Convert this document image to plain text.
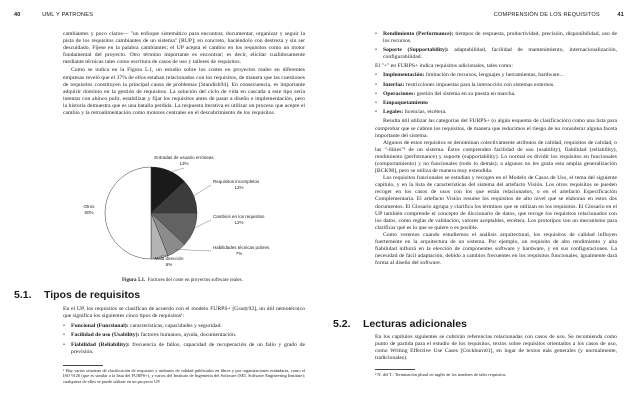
40	UML Y PATRONES

cambiantes y poco claros— "un enfoque sistemático para encontrar, documentar, organizar y seguir la pista de los requisitos cambiantes de un sistema" [RUP]; en concreto, haciéndolo con destreza y sin ser descuidado. Fíjese en la palabra cambiantes; el UP acepta el cambio en los requisitos como un motor fundamental del proyecto. Otro término importante es encontrar; es decir, elicitar cualidosamente mediante técnicas tales como escritura de casos de uso y talleres de requisitos.

Como se indica en la Figura 5.1, un estudio sobre los costes en proyectos reales en diferentes empresas reveló que el 37% de ellos estaban relacionados con los requisitos, de manera que las cuestiones de requisitos constituyen la principal causa de problemas [Standish94]. En consecuencia, es importante adquirir dominio en la gestión de requisitos. La solución del ciclo de vida en cascada a este tipo sería intentar con ahínco pulir, estabilizar y fijar los requisitos antes de pasar a diseño e implementación, pero la historia demuestra que es una batalla perdida. La respuesta iterativa es utilizar un proceso que acepte el cambio y la retroalimentación como motores centrales en el descubrimiento de los requisitos.

Entradas de usuario erróneas
13%
Requisitos incompletos
12%
Cambios en los requisitos
12%
Habilidades técnicas pobres
7%
Mala dirección
6%
Otros
50%
Figura 5.1. Factores del coste en proyectos software reales.
5.1. Tipos de requisitos

En el UP, los requisitos se clasifican de acuerdo con el modelo FURPS+ [Grady92], un útil nemotécnico que significa los siguientes cinco tipos de requisitos¹:

• Funcional (Functional): características, capacidades y seguridad.
• Facilidad de uso (Usability): factores humanos, ayuda, documentación.
• Fiabilidad (Reliability): frecuencia de fallos, capacidad de recuperación de un fallo y grado de previsión.

¹ Hay varios sistemas de clasificación de requisitos y atributos de calidad publicados en libros y por organizaciones estándares, como el ISO 9126 (que es similar a la lista del FURPS+), y varios del Instituto de Ingeniería del Software (SEI, Software Engineering Institute); cualquiera de ellos se puede utilizar en un proyecto UP.

COMPRENSIÓN DE LOS REQUISITOS	41
• Rendimiento (Performance): tiempos de respuesta, productividad, precisión, disponibilidad, uso de los recursos.
• Soporte (Supportability): adaptabilidad, facilidad de mantenimiento, internacionalización, configurabilidad.

El "+" en FURPS+ indica requisitos adicionales, tales como:

• Implementación: limitación de recursos, lenguajes y herramientas, hardware...
• Interfaz: restricciones impuestas para la interacción con sistemas externos.
• Operaciones: gestión del sistema en su puesta en marcha.
• Empaquetamiento
• Legales: licencias, etcétera.

Resulta útil utilizar las categorías del FURPS+ (o algún esquema de clasificación) como una lista para comprobar que se cubren los requisitos, de manera que reducimos el riesgo de no considerar alguna faceta importante del sistema.

Algunos de estos requisitos se denominan colectivamente atributos de calidad, requisitos de calidad, o las "-ilities"² de un sistema. Éstos comprenden facilidad de uso (usability), fiabilidad (reliability), rendimiento (performance) y soporte (supportability). Lo normal es dividir los requisitos en funcionales (comportamiento) y no funcionales (todo lo demás); a algunos no les gusta esta amplia generalización [BCK98], pero se utiliza de manera muy extendida.

Los requisitos funcionales se estudian y recogen en el Modelo de Casos de Uso, el tema del siguiente capítulo, y en la lista de características del sistema del artefacto Visión. Los otros requisitos se pueden recoger en los casos de usos con los que están relacionados, o en el artefacto Especificación Complementaria. El artefacto Visión resume los requisitos de alto nivel que se elaboran en estos dos documentos. El Glosario agrupa y clarifica los términos que se utilizan en los requisitos. El Glosario en el UP también comprende el concepto de diccionario de datos, que recoge los requisitos relacionados con los datos, como reglas de validación, valores aceptables, etcétera. Los prototipos son un mecanismo para clarificar qué es lo que se quiere o es posible.

Como veremos cuando estudiemos el análisis arquitectural, los requisitos de calidad influyen fuertemente en la arquitectura de un sistema. Por ejemplo, un requisito de alto rendimiento y alta fiabilidad influirá en la elección de componentes software y hardware, y en sus configuraciones. La necesidad de fácil adaptación, debido a cambios frecuentes en los requisitos funcionales, igualmente dará forma al diseño del software.

5.2. Lecturas adicionales

En los capítulos siguientes se cubrirán referencias relacionadas con casos de uso. Se recomienda como punto de partida para el estudio de los requisitos, textos sobre requisitos orientados a los casos de uso, como Writing Effective Use Cases [Cockburn01], en lugar de textos más generales (y normalmente, tradicionales).

² N. del T.: Terminación plural en inglés de los nombres de tales requisitos.
